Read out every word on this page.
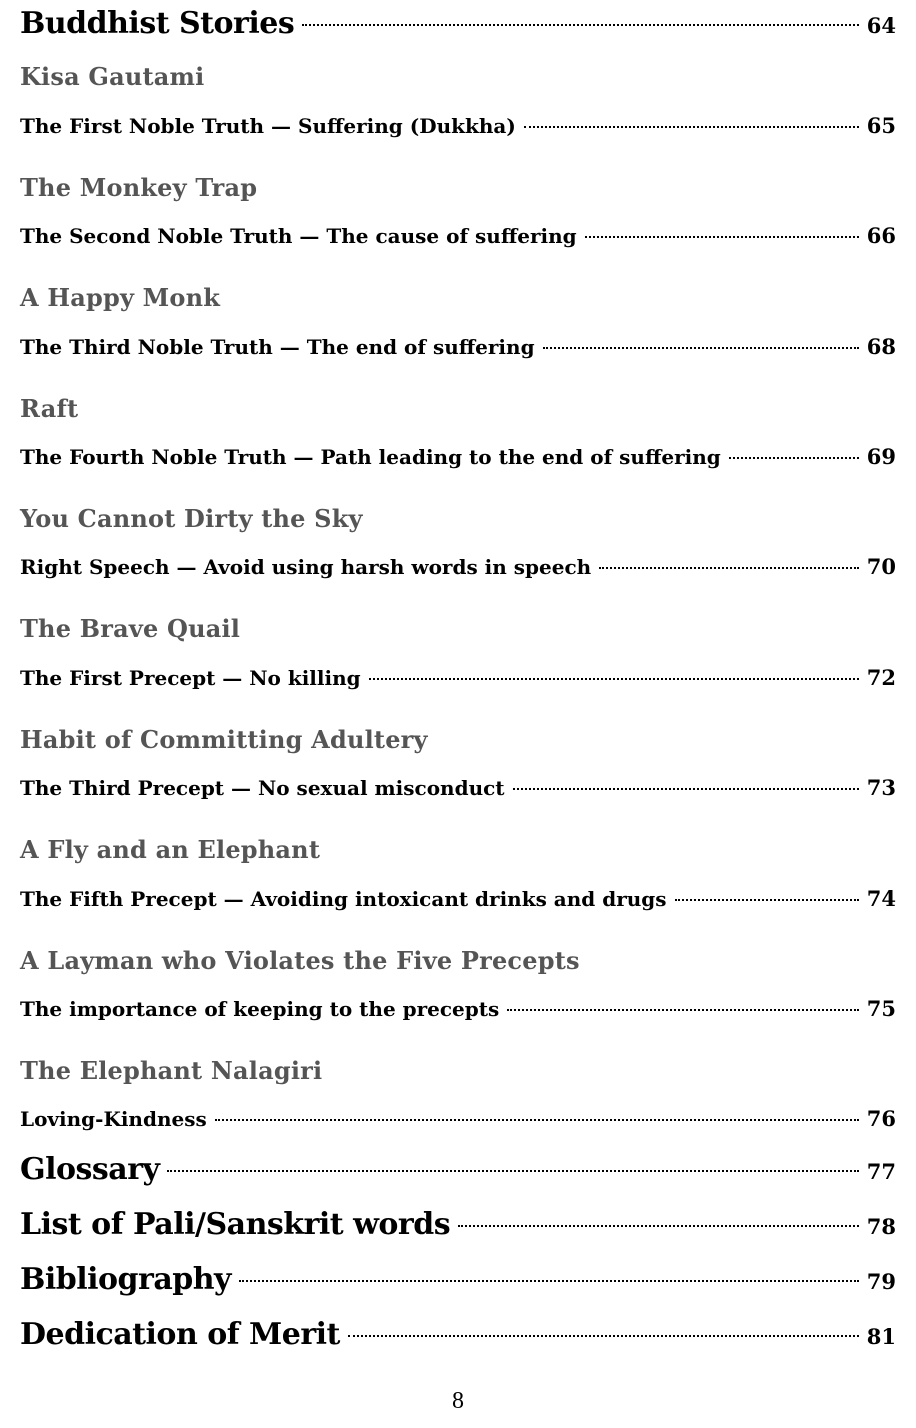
Buddhist Stories	64
Kisa Gautami
The First Noble Truth — Suffering (Dukkha)	65
The Monkey Trap
The Second Noble Truth — The cause of suffering	66
A Happy Monk
The Third Noble Truth — The end of suffering	68
Raft
The Fourth Noble Truth — Path leading to the end of suffering	69
You Cannot Dirty the Sky
Right Speech — Avoid using harsh words in speech	70
The Brave Quail
The First Precept — No killing	72
Habit of Committing Adultery
The Third Precept — No sexual misconduct	73
A Fly and an Elephant
The Fifth Precept — Avoiding intoxicant drinks and drugs	74
A Layman who Violates the Five Precepts
The importance of keeping to the precepts	75
The Elephant Nalagiri
Loving-Kindness	76
Glossary	77
List of Pali/Sanskrit words	78
Bibliography	79
Dedication of Merit	81
8
